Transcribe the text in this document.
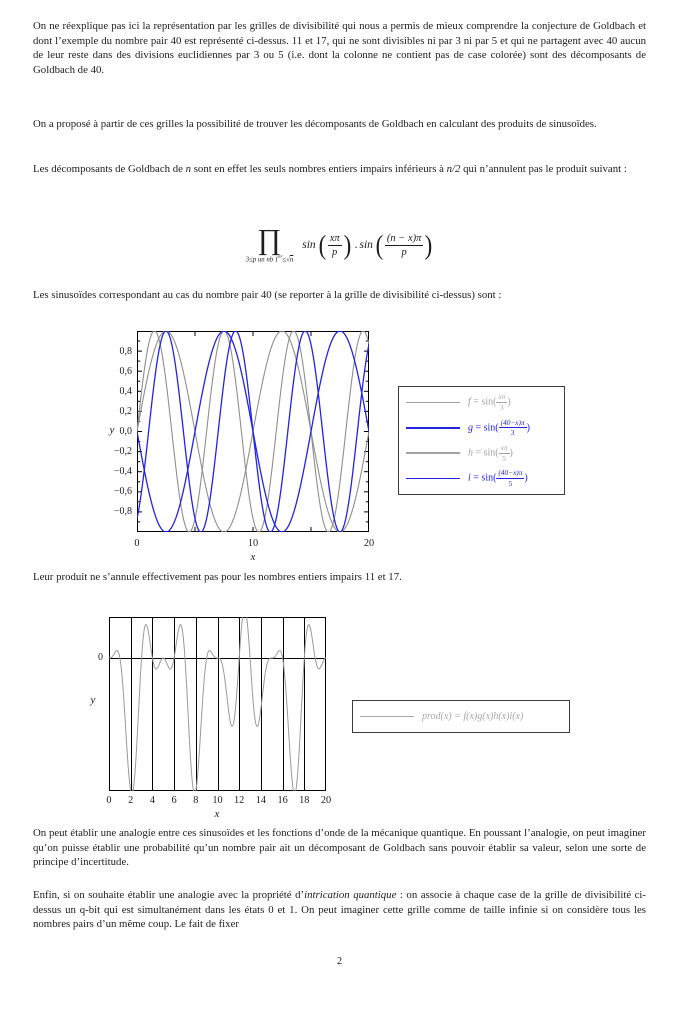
On ne réexplique pas ici la représentation par les grilles de divisibilité qui nous a permis de mieux comprendre la conjecture de Goldbach et dont l’exemple du nombre pair 40 est représenté ci-dessus. 11 et 17, qui ne sont divisibles ni par 3 ni par 5 et qui ne partagent avec 40 aucun de leur reste dans des divisions euclidiennes par 3 ou 5 (i.e. dont la colonne ne contient pas de case colorée) sont des décomposants de Goldbach de 40.

On a proposé à partir de ces grilles la possibilité de trouver les décomposants de Goldbach en calculant des produits de sinusoïdes.

Les décomposants de Goldbach de n sont en effet les seuls nombres entiers impairs inférieurs à n/2 qui n’annulent pas le produit suivant :

∏
3≤p un nb 1er≤√n
sin ( $\frac{x\pi}{p}$ ) . sin ( $\frac{(n - x)\pi}{p}$ )

Les sinusoïdes correspondant au cas du nombre pair 40 (se reporter à la grille de divisibilité ci-dessus) sont :

y
x
$f = \sin( \frac{x\pi}{3}$ )
$g = \sin( \frac{(40-x)\pi}{3}$ )
$h = \sin( \frac{x\pi}{5}$ )
$i = \sin( \frac{(40-x)\pi}{5}$ )

Leur produit ne s’annule effectivement pas pour les nombres entiers impairs 11 et 17.

0
y
x
prod(x) = f(x)g(x)h(x)i(x)

On peut établir une analogie entre ces sinusoïdes et les fonctions d’onde de la mécanique quantique. En poussant l’analogie, on peut imaginer qu’on puisse établir une probabilité qu’un nombre pair ait un décomposant de Goldbach sans pouvoir établir sa valeur, selon une sorte de principe d’incertitude.

Enfin, si on souhaite établir une analogie avec la propriété d’intrication quantique : on associe à chaque case de la grille de divisibilité ci-dessus un q-bit qui est simultanément dans les états 0 et 1. On peut imaginer cette grille comme de taille infinie si on considère tous les nombres pairs d’un même coup. Le fait de fixer

2
0,8
0,6
0,4
0,2
0,0
−0,2
−0,4
−0,6
−0,8
0	10	20
0	2	4	6	8	10	12	14	16	18	20
